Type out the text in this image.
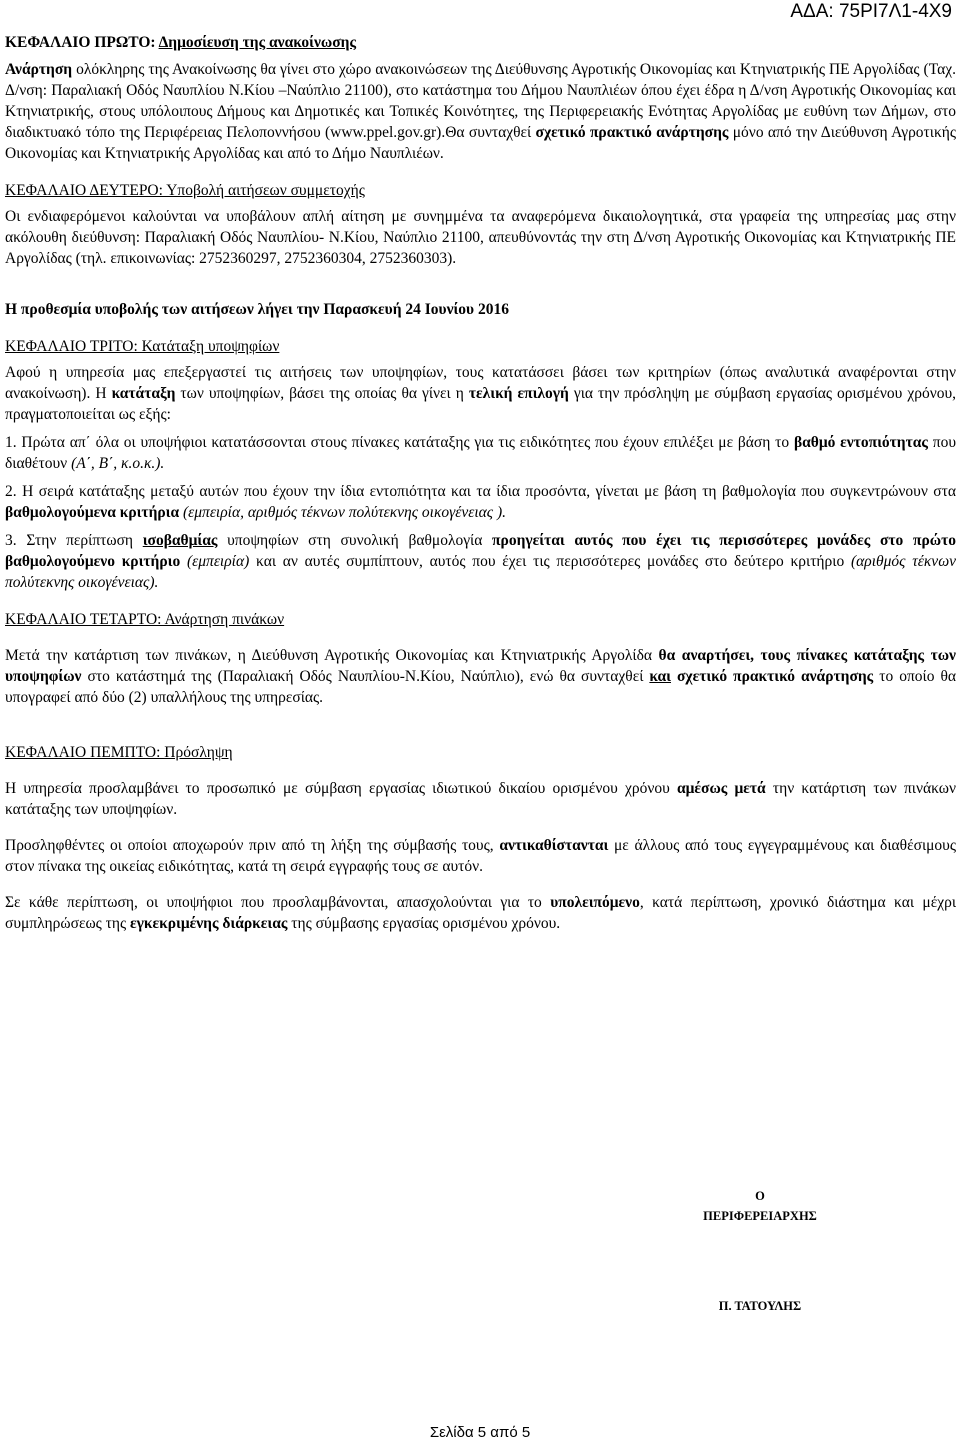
ΑΔΑ: 75ΡΙ7Λ1-4Χ9

ΚΕΦΑΛΑΙΟ ΠΡΩΤΟ: Δημοσίευση της ανακοίνωσης

Ανάρτηση ολόκληρης της Ανακοίνωσης θα γίνει στο χώρο ανακοινώσεων της Διεύθυνσης Αγροτικής Οικονομίας και Κτηνιατρικής ΠΕ Αργολίδας (Ταχ. Δ/νση: Παραλιακή Οδός Ναυπλίου Ν.Κίου –Ναύπλιο 21100), στο κατάστημα του Δήμου Ναυπλιέων όπου έχει έδρα η Δ/νση Αγροτικής Οικονομίας και Κτηνιατρικής, στους υπόλοιπους Δήμους και Δημοτικές και Τοπικές Κοινότητες, της Περιφερειακής Ενότητας Αργολίδας με ευθύνη των Δήμων, στο διαδικτυακό τόπο της Περιφέρειας Πελοποννήσου (www.ppel.gov.gr).Θα συνταχθεί σχετικό πρακτικό ανάρτησης μόνο από την Διεύθυνση Αγροτικής Οικονομίας και Κτηνιατρικής Αργολίδας και από το Δήμο Ναυπλιέων.

ΚΕΦΑΛΑΙΟ ΔΕΥΤΕΡΟ: Υποβολή αιτήσεων συμμετοχής

Οι ενδιαφερόμενοι καλούνται να υποβάλουν απλή αίτηση με συνημμένα τα αναφερόμενα δικαιολογητικά, στα γραφεία της υπηρεσίας μας στην ακόλουθη διεύθυνση: Παραλιακή Οδός Ναυπλίου- Ν.Κίου, Ναύπλιο 21100, απευθύνοντάς την στη Δ/νση Αγροτικής Οικονομίας και Κτηνιατρικής ΠΕ Αργολίδας (τηλ. επικοινωνίας: 2752360297, 2752360304, 2752360303).

Η προθεσμία υποβολής των αιτήσεων λήγει την Παρασκευή 24 Ιουνίου 2016

ΚΕΦΑΛΑΙΟ ΤΡΙΤΟ: Κατάταξη υποψηφίων

Αφού η υπηρεσία μας επεξεργαστεί τις αιτήσεις των υποψηφίων, τους κατατάσσει βάσει των κριτηρίων (όπως αναλυτικά αναφέρονται στην ανακοίνωση). Η κατάταξη των υποψηφίων, βάσει της οποίας θα γίνει η τελική επιλογή για την πρόσληψη με σύμβαση εργασίας ορισμένου χρόνου, πραγματοποιείται ως εξής:

1. Πρώτα απ΄ όλα οι υποψήφιοι κατατάσσονται στους πίνακες κατάταξης για τις ειδικότητες που έχουν επιλέξει με βάση το βαθμό εντοπιότητας που διαθέτουν (Α΄, Β΄, κ.ο.κ.).

2. Η σειρά κατάταξης μεταξύ αυτών που έχουν την ίδια εντοπιότητα και τα ίδια προσόντα, γίνεται με βάση τη βαθμολογία που συγκεντρώνουν στα βαθμολογούμενα κριτήρια (εμπειρία, αριθμός τέκνων πολύτεκνης οικογένειας ).

3. Στην περίπτωση ισοβαθμίας υποψηφίων στη συνολική βαθμολογία προηγείται αυτός που έχει τις περισσότερες μονάδες στο πρώτο βαθμολογούμενο κριτήριο (εμπειρία) και αν αυτές συμπίπτουν, αυτός που έχει τις περισσότερες μονάδες στο δεύτερο κριτήριο (αριθμός τέκνων πολύτεκνης οικογένειας).

ΚΕΦΑΛΑΙΟ ΤΕΤΑΡΤΟ: Ανάρτηση πινάκων

Μετά την κατάρτιση των πινάκων, η Διεύθυνση Αγροτικής Οικονομίας και Κτηνιατρικής Αργολίδα θα αναρτήσει, τους πίνακες κατάταξης των υποψηφίων στο κατάστημά της (Παραλιακή Οδός Ναυπλίου-Ν.Κίου, Ναύπλιο), ενώ θα συνταχθεί και σχετικό πρακτικό ανάρτησης το οποίο θα υπογραφεί από δύο (2) υπαλλήλους της υπηρεσίας.

ΚΕΦΑΛΑΙΟ ΠΕΜΠΤΟ: Πρόσληψη

Η υπηρεσία προσλαμβάνει το προσωπικό με σύμβαση εργασίας ιδιωτικού δικαίου ορισμένου χρόνου αμέσως μετά την κατάρτιση των πινάκων κατάταξης των υποψηφίων.

Προσληφθέντες οι οποίοι αποχωρούν πριν από τη λήξη της σύμβασής τους, αντικαθίστανται με άλλους από τους εγγεγραμμένους και διαθέσιμους στον πίνακα της οικείας ειδικότητας, κατά τη σειρά εγγραφής τους σε αυτόν.

Σε κάθε περίπτωση, οι υποψήφιοι που προσλαμβάνονται, απασχολούνται για το υπολειπόμενο, κατά περίπτωση, χρονικό διάστημα και μέχρι συμπληρώσεως της εγκεκριμένης διάρκειας της σύμβασης εργασίας ορισμένου χρόνου.

Ο
ΠΕΡΙΦΕΡΕΙΑΡΧΗΣ
Π. ΤΑΤΟΥΛΗΣ
Σελίδα 5 από 5
